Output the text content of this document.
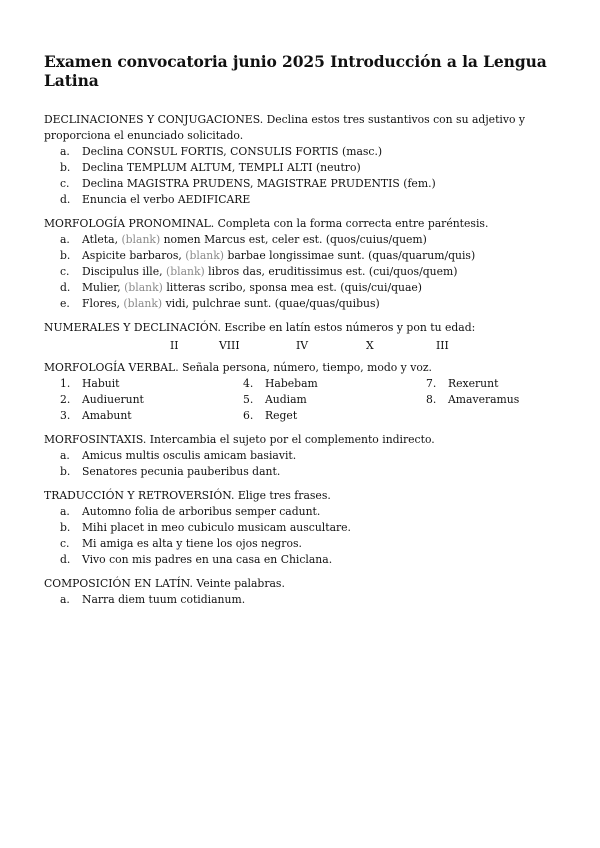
Examen convocatoria junio 2025 Introducción a la Lengua Latina

DECLINACIONES Y CONJUGACIONES. Declina estos tres sustantivos con su adjetivo y proporciona el enunciado solicitado.

a.	Declina CONSUL FORTIS, CONSULIS FORTIS (masc.)
b.	Declina TEMPLUM ALTUM, TEMPLI ALTI (neutro)
c.	Declina MAGISTRA PRUDENS, MAGISTRAE PRUDENTIS (fem.)
d.	Enuncia el verbo AEDIFICARE

MORFOLOGÍA PRONOMINAL. Completa con la forma correcta entre paréntesis.

a.	Atleta, (blank) nomen Marcus est, celer est. (quos/cuius/quem)
b.	Aspicite barbaros, (blank) barbae longissimae sunt. (quas/quarum/quis)
c.	Discipulus ille, (blank) libros das, eruditissimus est. (cui/quos/quem)
d.	Mulier, (blank) litteras scribo, sponsa mea est. (quis/cui/quae)
e.	Flores, (blank) vidi, pulchrae sunt. (quae/quas/quibus)

NUMERALES Y DECLINACIÓN. Escribe en latín estos números y pon tu edad:

II	VIII	IV	X	III

MORFOLOGÍA VERBAL. Señala persona, número, tiempo, modo y voz.

1.	Habuit	4.	Habebam	7.	Rexerunt
2.	Audiuerunt	5.	Audiam	8.	Amaveramus
3.	Amabunt	6.	Reget

MORFOSINTAXIS. Intercambia el sujeto por el complemento indirecto.

a.	Amicus multis osculis amicam basiavit.
b.	Senatores pecunia pauberibus dant.

TRADUCCIÓN Y RETROVERSIÓN. Elige tres frases.

a.	Automno folia de arboribus semper cadunt.
b.	Mihi placet in meo cubiculo musicam auscultare.
c.	Mi amiga es alta y tiene los ojos negros.
d.	Vivo con mis padres en una casa en Chiclana.

COMPOSICIÓN EN LATÍN. Veinte palabras.

a.	Narra diem tuum cotidianum.
